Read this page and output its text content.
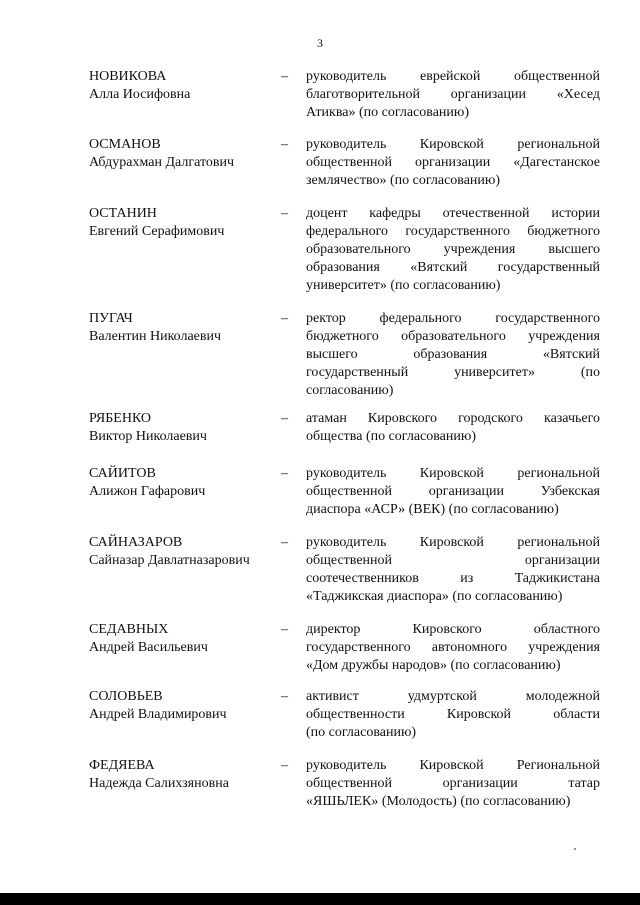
3
НОВИКОВА
Алла Иосифовна
– руководитель еврейской общественной
благотворительной организации «Хесед
Атиква» (по согласованию)
ОСМАНОВ
Абдурахман Далгатович
– руководитель Кировской региональной
общественной организации «Дагестанское
землячество» (по согласованию)
ОСТАНИН
Евгений Серафимович
– доцент кафедры отечественной истории
федерального государственного бюджетного
образовательного учреждения высшего
образования «Вятский государственный
университет» (по согласованию)
ПУГАЧ
Валентин Николаевич
– ректор федерального государственного
бюджетного образовательного учреждения
высшего образования «Вятский
государственный университет» (по
согласованию)
РЯБЕНКО
Виктор Николаевич
– атаман Кировского городского казачьего
общества (по согласованию)
САЙИТОВ
Алижон Гафарович
– руководитель Кировской региональной
общественной организации Узбекская
диаспора «АСР» (ВЕК) (по согласованию)
САЙНАЗАРОВ
Сайназар Давлатназарович
– руководитель Кировской региональной
общественной организации
соотечественников из Таджикистана
«Таджикская диаспора» (по согласованию)
СЕДАВНЫХ
Андрей Васильевич
– директор Кировского областного
государственного автономного учреждения
«Дом дружбы народов» (по согласованию)
СОЛОВЬЕВ
Андрей Владимирович
– активист удмуртской молодежной
общественности Кировской области
(по согласованию)
ФЕДЯЕВА
Надежда Салихзяновна
– руководитель Кировской Региональной
общественной организации татар
«ЯШЬЛЕК» (Молодость) (по согласованию)
